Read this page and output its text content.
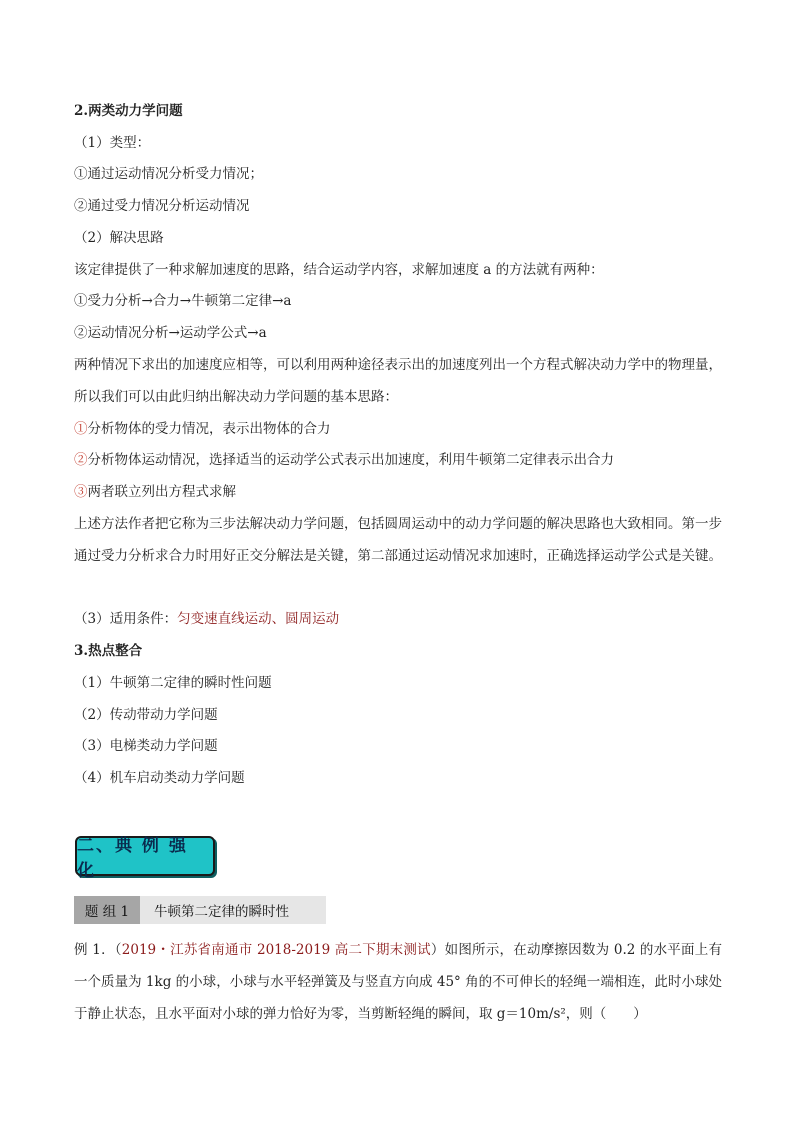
2.两类动力学问题
（1）类型：
①通过运动情况分析受力情况；
②通过受力情况分析运动情况
（2）解决思路
该定律提供了一种求解加速度的思路，结合运动学内容，求解加速度 a 的方法就有两种：
①受力分析→合力→牛顿第二定律→a
②运动情况分析→运动学公式→a
两种情况下求出的加速度应相等，可以利用两种途径表示出的加速度列出一个方程式解决动力学中的物理量，所以我们可以由此归纳出解决动力学问题的基本思路：
①分析物体的受力情况，表示出物体的合力
②分析物体运动情况，选择适当的运动学公式表示出加速度，利用牛顿第二定律表示出合力
③两者联立列出方程式求解
上述方法作者把它称为三步法解决动力学问题，包括圆周运动中的动力学问题的解决思路也大致相同。第一步通过受力分析求合力时用好正交分解法是关键，第二部通过运动情况求加速时，正确选择运动学公式是关键。
（3）适用条件：匀变速直线运动、圆周运动
3.热点整合
（1）牛顿第二定律的瞬时性问题
（2）传动带动力学问题
（3）电梯类动力学问题
（4）机车启动类动力学问题
二、典 例 强 化
题 组 1	牛顿第二定律的瞬时性
例 1．（2019・江苏省南通市 2018-2019 高二下期末测试）如图所示，在动摩擦因数为 0.2 的水平面上有一个质量为 1kg 的小球，小球与水平轻弹簧及与竖直方向成 45° 角的不可伸长的轻绳一端相连，此时小球处于静止状态，且水平面对小球的弹力恰好为零，当剪断轻绳的瞬间，取 g＝10m/s²，则（　　）
